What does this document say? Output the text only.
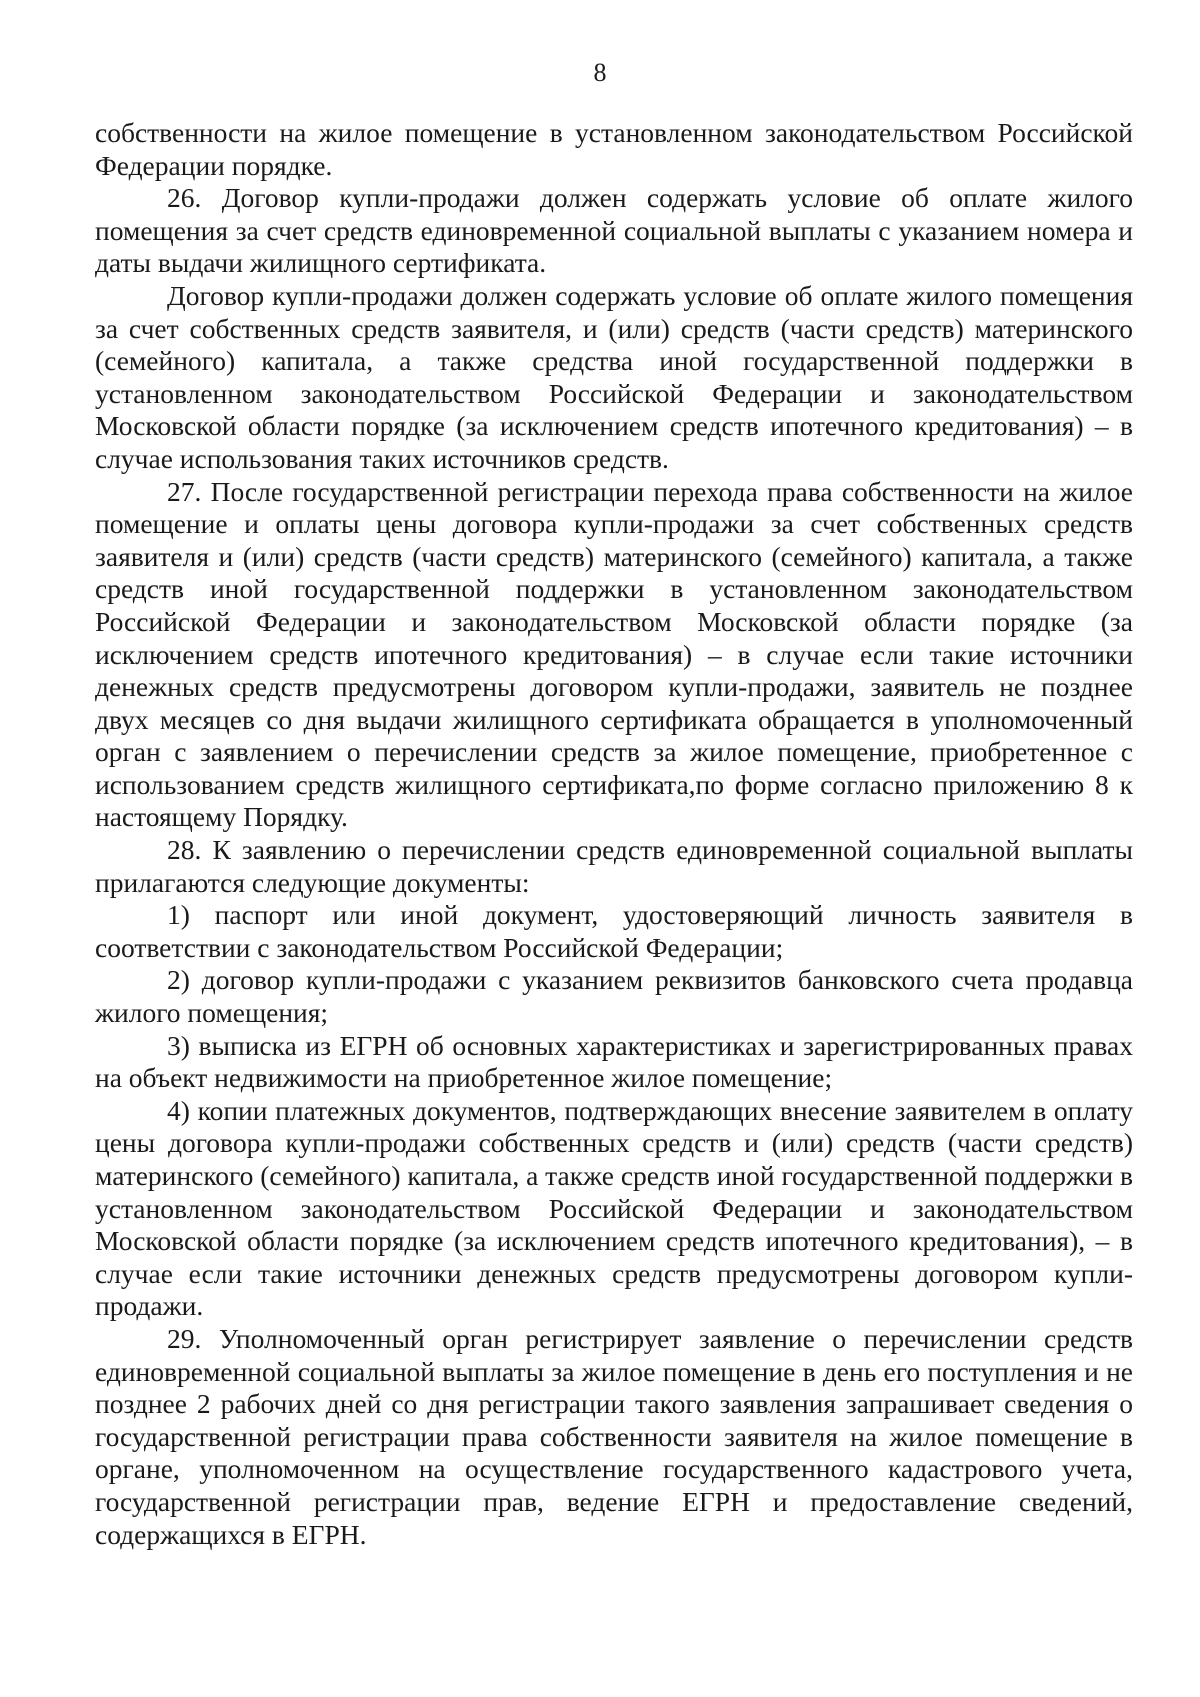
8

собственности на жилое помещение в установленном законодательством Российской Федерации порядке.

26. Договор купли-продажи должен содержать условие об оплате жилого помещения за счет средств единовременной социальной выплаты с указанием номера и даты выдачи жилищного сертификата.

Договор купли-продажи должен содержать условие об оплате жилого помещения за счет собственных средств заявителя, и (или) средств (части средств) материнского (семейного) капитала, а также средства иной государственной поддержки в установленном законодательством Российской Федерации и законодательством Московской области порядке (за исключением средств ипотечного кредитования) – в случае использования таких источников средств.

27. После государственной регистрации перехода права собственности на жилое помещение и оплаты цены договора купли-продажи за счет собственных средств заявителя и (или) средств (части средств) материнского (семейного) капитала, а также средств иной государственной поддержки в установленном законодательством Российской Федерации и законодательством Московской области порядке (за исключением средств ипотечного кредитования) – в случае если такие источники денежных средств предусмотрены договором купли-продажи, заявитель не позднее двух месяцев со дня выдачи жилищного сертификата обращается в уполномоченный орган с заявлением о перечислении средств за жилое помещение, приобретенное с использованием средств жилищного сертификата,по форме согласно приложению 8 к настоящему Порядку.

28. К заявлению о перечислении средств единовременной социальной выплаты прилагаются следующие документы:

1) паспорт или иной документ, удостоверяющий личность заявителя в соответствии с законодательством Российской Федерации;

2) договор купли-продажи с указанием реквизитов банковского счета продавца жилого помещения;

3) выписка из ЕГРН об основных характеристиках и зарегистрированных правах на объект недвижимости на приобретенное жилое помещение;

4) копии платежных документов, подтверждающих внесение заявителем в оплату цены договора купли-продажи собственных средств и (или) средств (части средств) материнского (семейного) капитала, а также средств иной государственной поддержки в установленном законодательством Российской Федерации и законодательством Московской области порядке (за исключением средств ипотечного кредитования), – в случае если такие источники денежных средств предусмотрены договором купли-продажи.

29. Уполномоченный орган регистрирует заявление о перечислении средств единовременной социальной выплаты за жилое помещение в день его поступления и не позднее 2 рабочих дней со дня регистрации такого заявления запрашивает сведения о государственной регистрации права собственности заявителя на жилое помещение в органе, уполномоченном на осуществление государственного кадастрового учета, государственной регистрации прав, ведение ЕГРН и предоставление сведений, содержащихся в ЕГРН.
